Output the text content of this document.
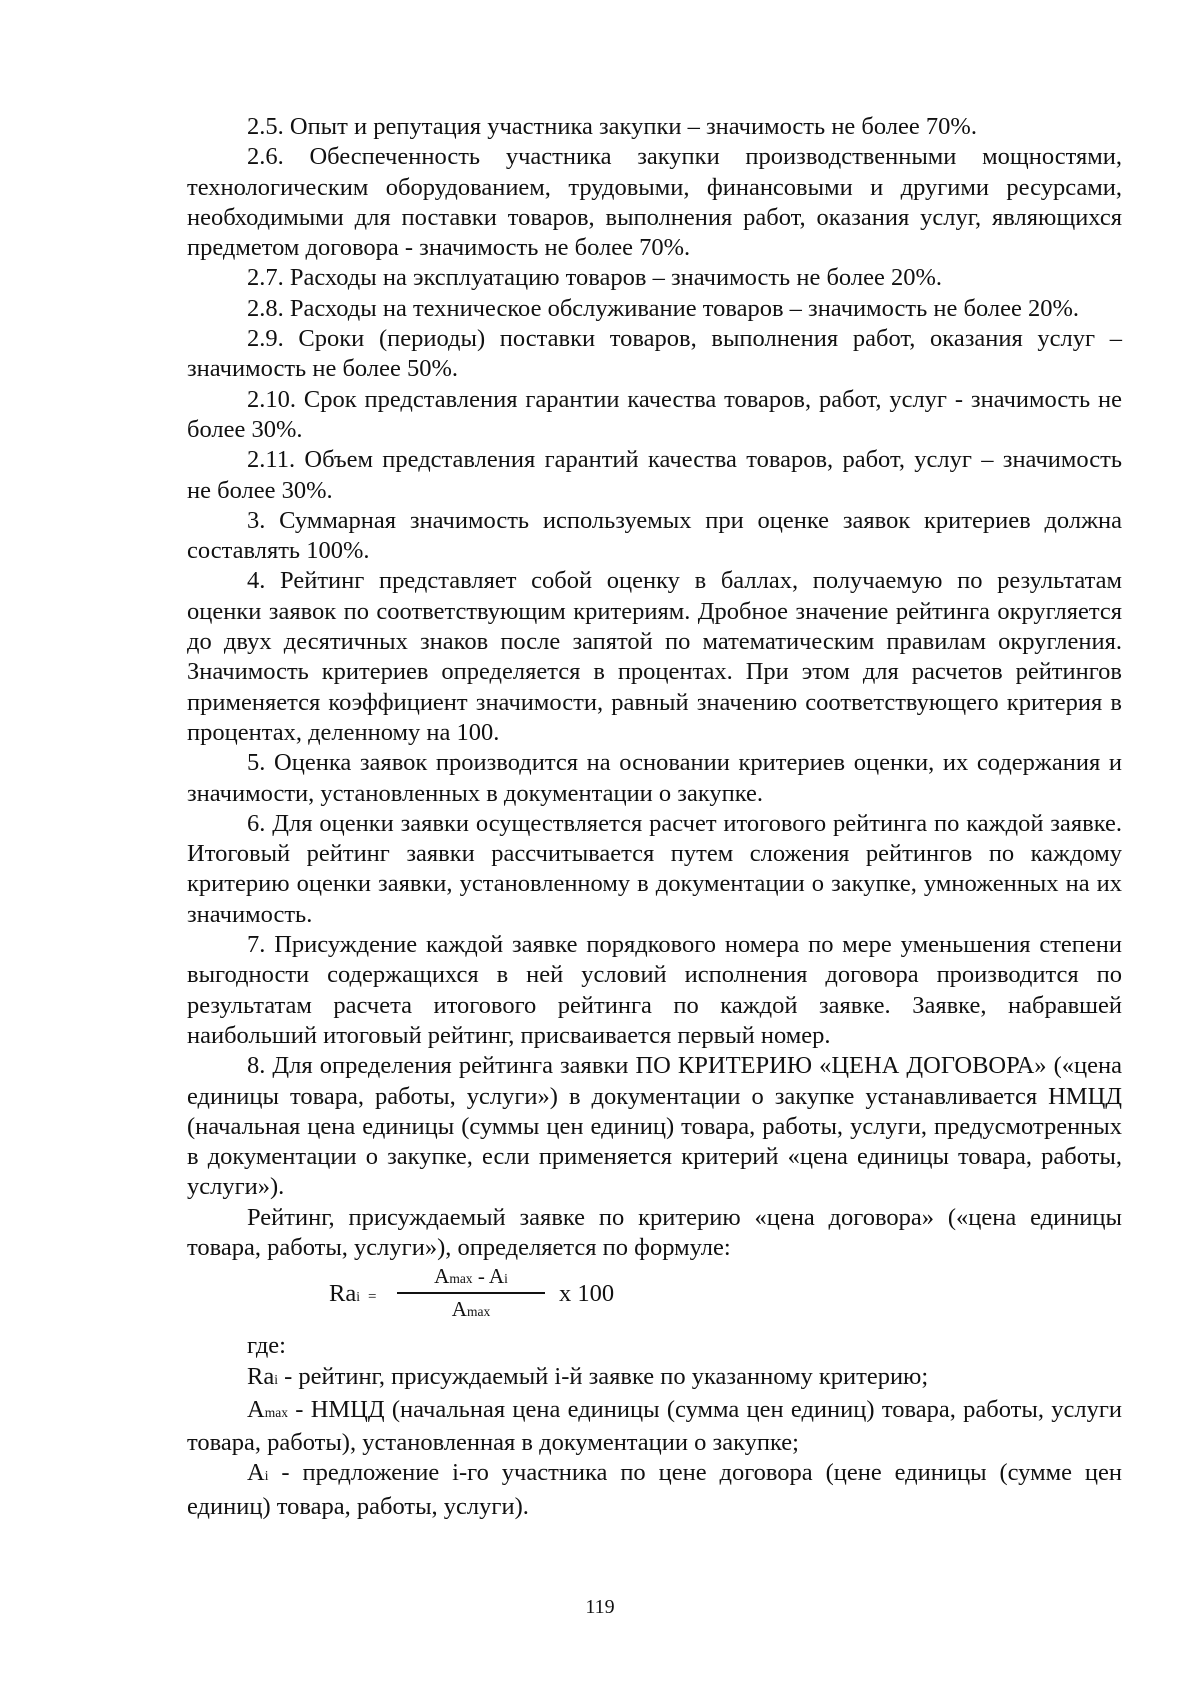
2.5. Опыт и репутация участника закупки – значимость не более 70%.

2.6. Обеспеченность участника закупки производственными мощностями, технологическим оборудованием, трудовыми, финансовыми и другими ресурсами, необходимыми для поставки товаров, выполнения работ, оказания услуг, являющихся предметом договора - значимость не более 70%.

2.7. Расходы на эксплуатацию товаров – значимость не более 20%.

2.8. Расходы на техническое обслуживание товаров – значимость не более 20%.

2.9. Сроки (периоды) поставки товаров, выполнения работ, оказания услуг – значимость не более 50%.

2.10. Срок представления гарантии качества товаров, работ, услуг - значимость не более 30%.

2.11. Объем представления гарантий качества товаров, работ, услуг – значимость не более 30%.

3. Суммарная значимость используемых при оценке заявок критериев должна составлять 100%.

4. Рейтинг представляет собой оценку в баллах, получаемую по результатам оценки заявок по соответствующим критериям. Дробное значение рейтинга округляется до двух десятичных знаков после запятой по математическим правилам округления. Значимость критериев определяется в процентах. При этом для расчетов рейтингов применяется коэффициент значимости, равный значению соответствующего критерия в процентах, деленному на 100.

5. Оценка заявок производится на основании критериев оценки, их содержания и значимости, установленных в документации о закупке.

6. Для оценки заявки осуществляется расчет итогового рейтинга по каждой заявке. Итоговый рейтинг заявки рассчитывается путем сложения рейтингов по каждому критерию оценки заявки, установленному в документации о закупке, умноженных на их значимость.

7. Присуждение каждой заявке порядкового номера по мере уменьшения степени выгодности содержащихся в ней условий исполнения договора производится по результатам расчета итогового рейтинга по каждой заявке. Заявке, набравшей наибольший итоговый рейтинг, присваивается первый номер.

8. Для определения рейтинга заявки ПО КРИТЕРИЮ «ЦЕНА ДОГОВОРА» («цена единицы товара, работы, услуги») в документации о закупке устанавливается НМЦД (начальная цена единицы (суммы цен единиц) товара, работы, услуги, предусмотренных в документации о закупке, если применяется критерий «цена единицы товара, работы, услуги»).

Рейтинг, присуждаемый заявке по критерию «цена договора» («цена единицы товара, работы, услуги»), определяется по формуле:

Rai =
Amax - Ai
Amax
x 100

где:

Rai - рейтинг, присуждаемый i-й заявке по указанному критерию;

Amax - НМЦД (начальная цена единицы (сумма цен единиц) товара, работы, услуги товара, работы), установленная в документации о закупке;

Ai - предложение i-го участника по цене договора (цене единицы (сумме цен единиц) товара, работы, услуги).

119
